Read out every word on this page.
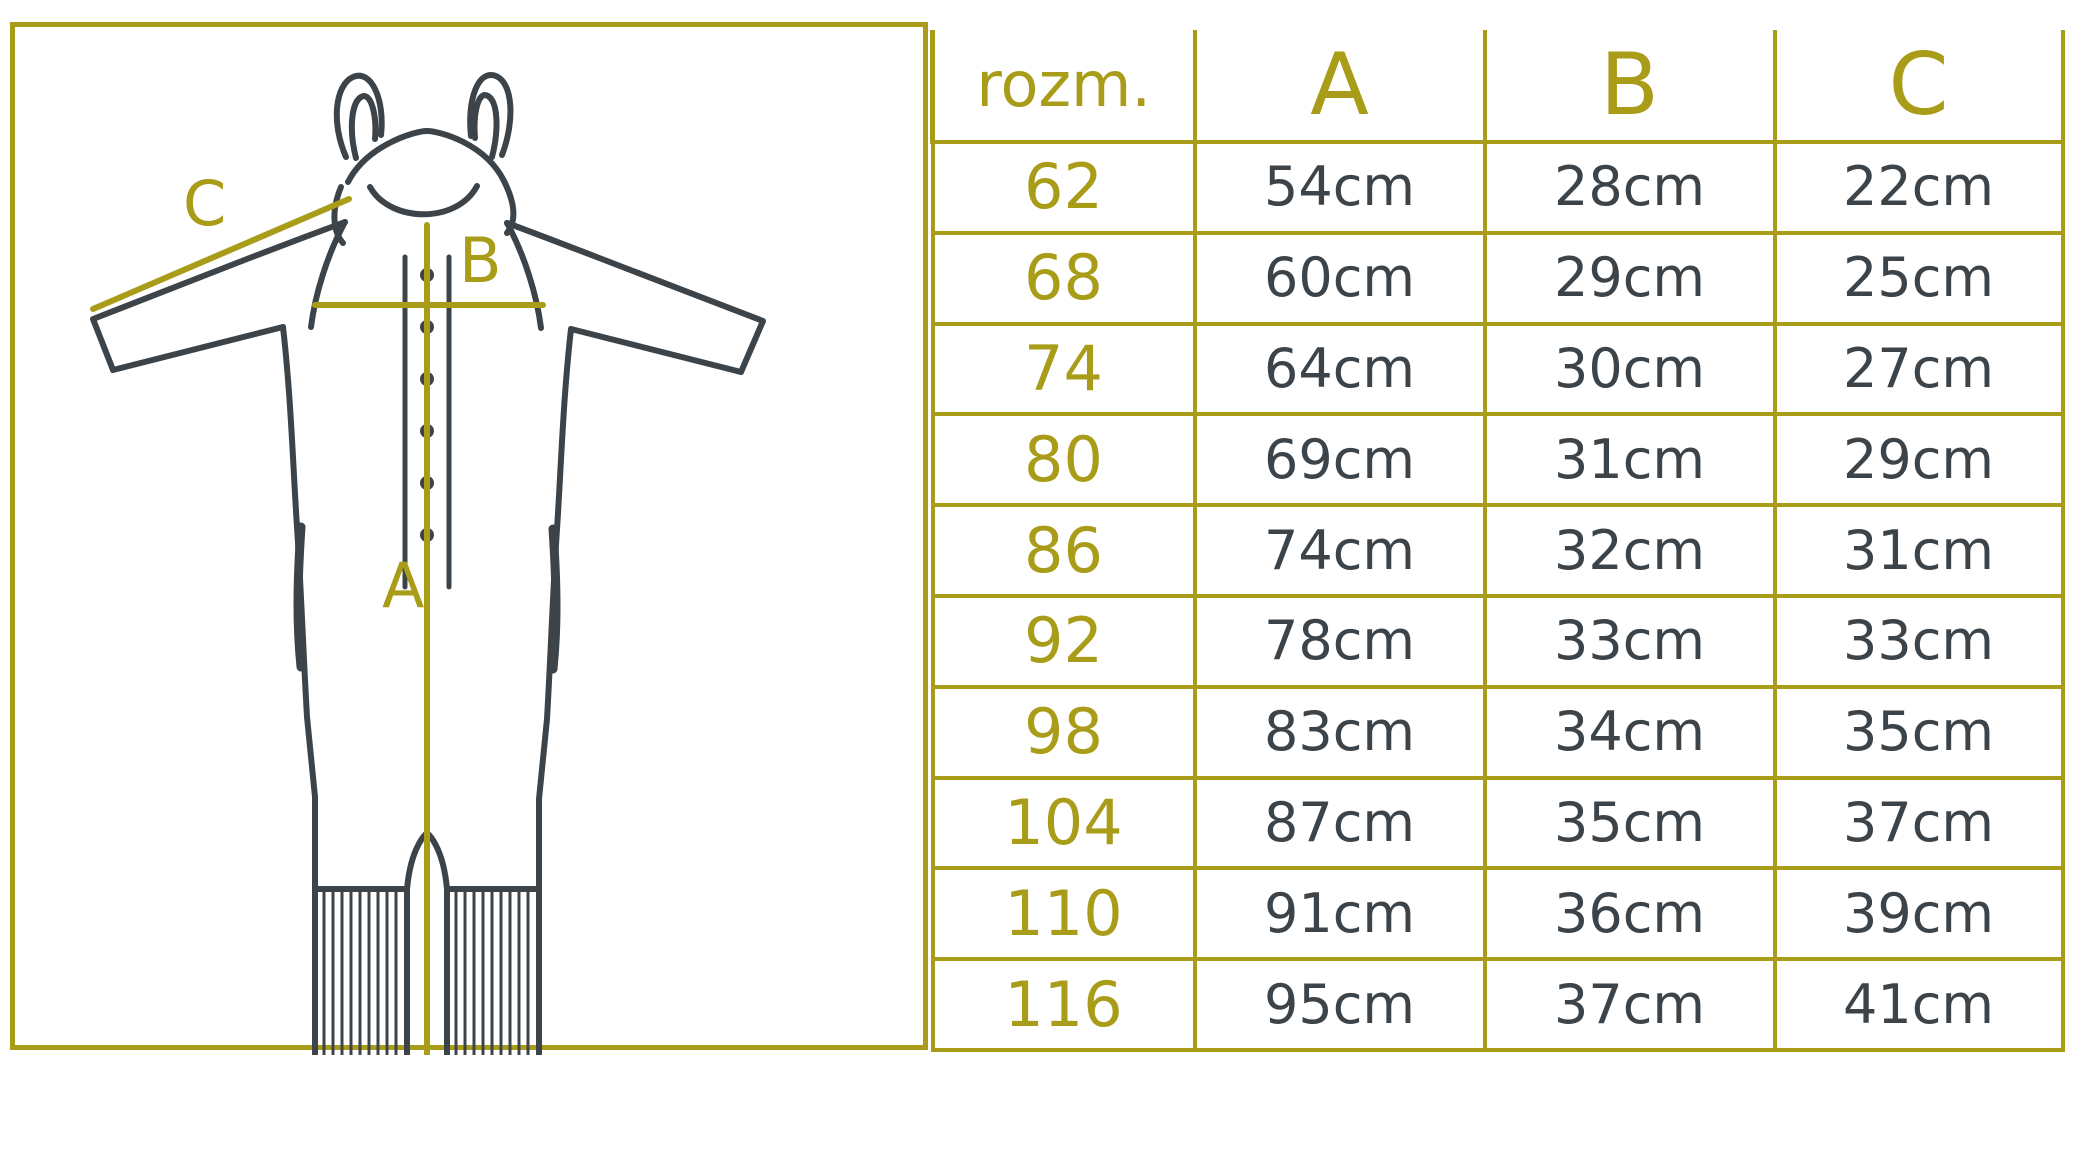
A
B
C
rozm.	A	B	C
62	54cm	28cm	22cm
68	60cm	29cm	25cm
74	64cm	30cm	27cm
80	69cm	31cm	29cm
86	74cm	32cm	31cm
92	78cm	33cm	33cm
98	83cm	34cm	35cm
104	87cm	35cm	37cm
110	91cm	36cm	39cm
116	95cm	37cm	41cm
